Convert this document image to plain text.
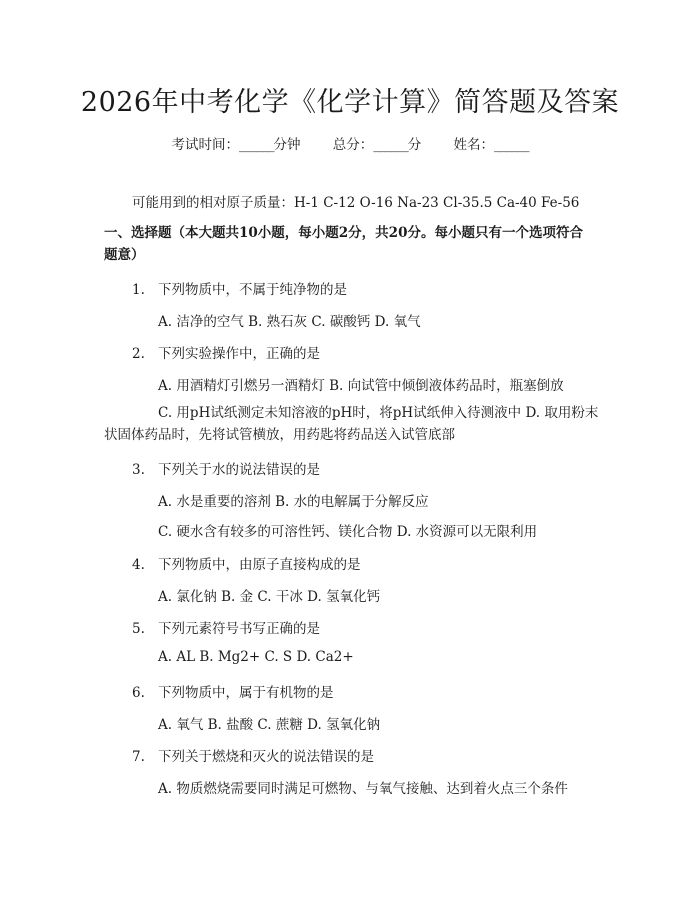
2026年中考化学《化学计算》简答题及答案
考试时间：______分钟 总分：______分 姓名：______
可能用到的相对原子质量：H-1 C-12 O-16 Na-23 Cl-35.5 Ca-40 Fe-56
一、选择题（本大题共10小题，每小题2分，共20分。每小题只有一个选项符合题意）
1. 下列物质中，不属于纯净物的是
A. 洁净的空气 B. 熟石灰 C. 碳酸钙 D. 氧气
2. 下列实验操作中，正确的是
A. 用酒精灯引燃另一酒精灯 B. 向试管中倾倒液体药品时，瓶塞倒放
C. 用pH试纸测定未知溶液的pH时，将pH试纸伸入待测液中 D. 取用粉末状固体药品时，先将试管横放，用药匙将药品送入试管底部
3. 下列关于水的说法错误的是
A. 水是重要的溶剂 B. 水的电解属于分解反应
C. 硬水含有较多的可溶性钙、镁化合物 D. 水资源可以无限利用
4. 下列物质中，由原子直接构成的是
A. 氯化钠 B. 金 C. 干冰 D. 氢氧化钙
5. 下列元素符号书写正确的是
A. AL B. Mg2+ C. S D. Ca2+
6. 下列物质中，属于有机物的是
A. 氧气 B. 盐酸 C. 蔗糖 D. 氢氧化钠
7. 下列关于燃烧和灭火的说法错误的是
A. 物质燃烧需要同时满足可燃物、与氧气接触、达到着火点三个条件
